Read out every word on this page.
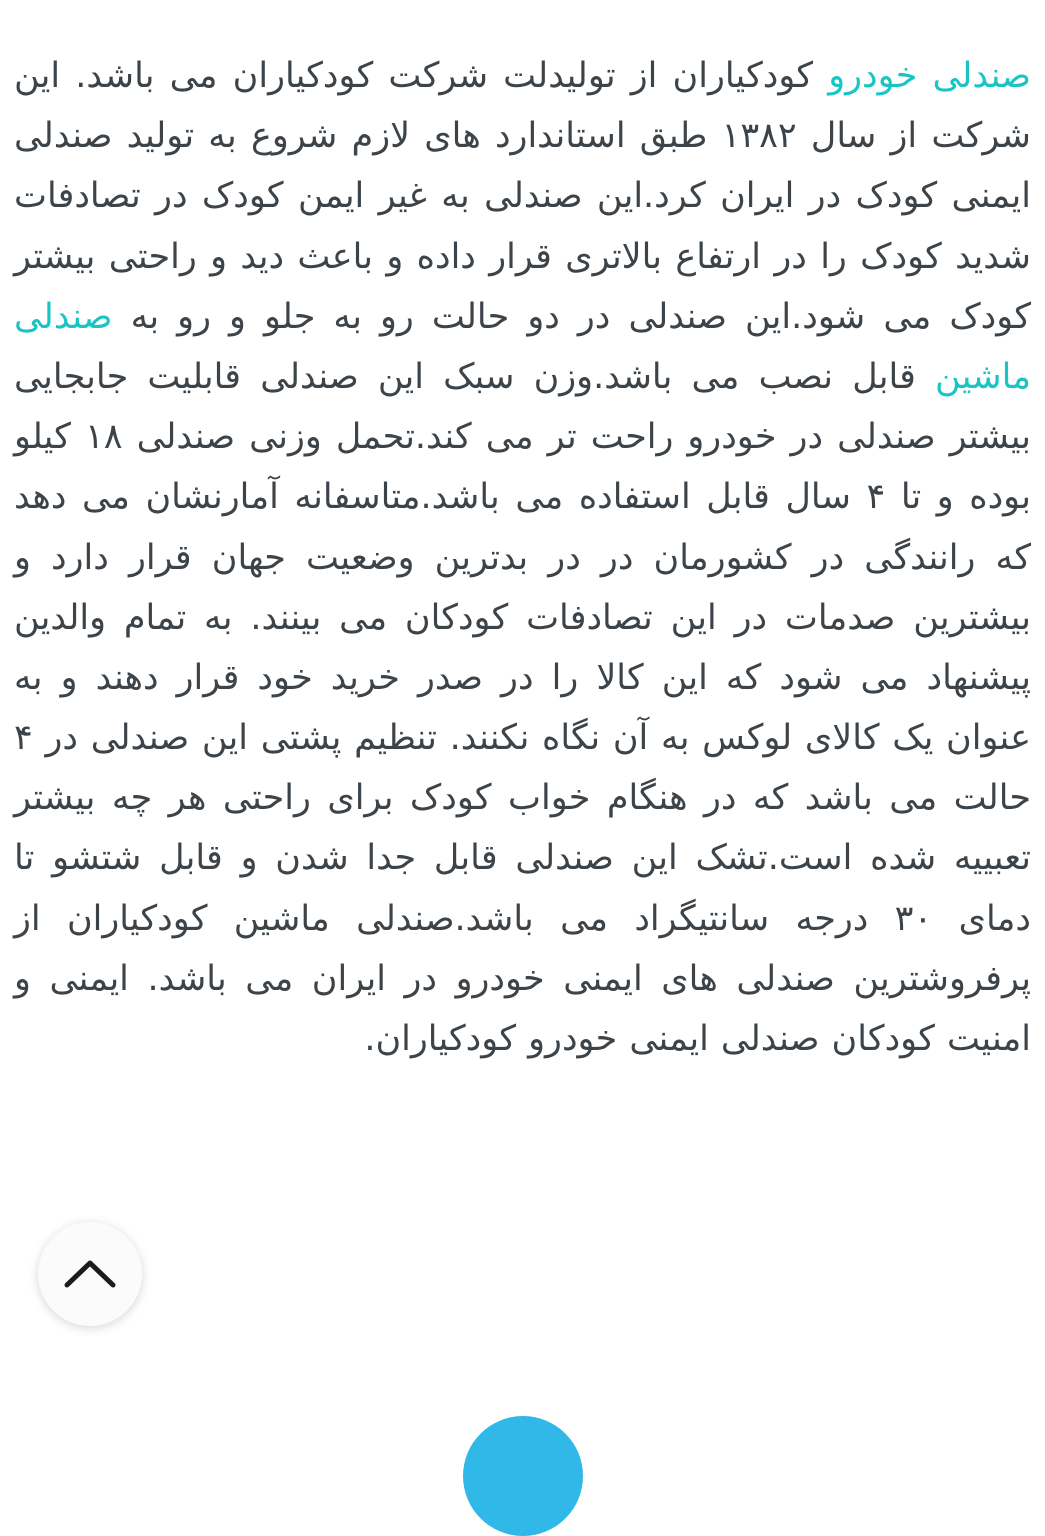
صندلی خودرو کودکیاران از تولیدلت شرکت کودکیاران می باشد. این شرکت از سال ۱۳۸۲ طبق استاندارد های لازم شروع به تولید صندلی ایمنی کودک در ایران کرد.این صندلی به غیر ایمن کودک در تصادفات شدید کودک را در ارتفاع بالاتری قرار داده و باعث دید و راحتی بیشتر کودک می شود.این صندلی در دو حالت رو به جلو و رو به صندلی ماشین قابل نصب می باشد.وزن سبک این صندلی قابلیت جابجایی بیشتر صندلی در خودرو راحت تر می کند.تحمل وزنی صندلی ۱۸ کیلو بوده و تا ۴ سال قابل استفاده می باشد.متاسفانه آمارنشان می دهد که رانندگی در کشورمان در در بدترین وضعیت جهان قرار دارد و بیشترین صدمات در این تصادفات کودکان می بینند. به تمام والدین پیشنهاد می شود که این کالا را در صدر خرید خود قرار دهند و به عنوان یک کالای لوکس به آن نگاه نکنند. تنظیم پشتی این صندلی در ۴ حالت می باشد که در هنگام خواب کودک برای راحتی هر چه بیشتر تعبییه شده است.تشک این صندلی قابل جدا شدن و قابل شتشو تا دمای ۳۰ درجه سانتیگراد می باشد.صندلی ماشین کودکیاران از پرفروشترین صندلی های ایمنی خودرو در ایران می باشد. ایمنی و امنیت کودکان صندلی ایمنی خودرو کودکیاران.
